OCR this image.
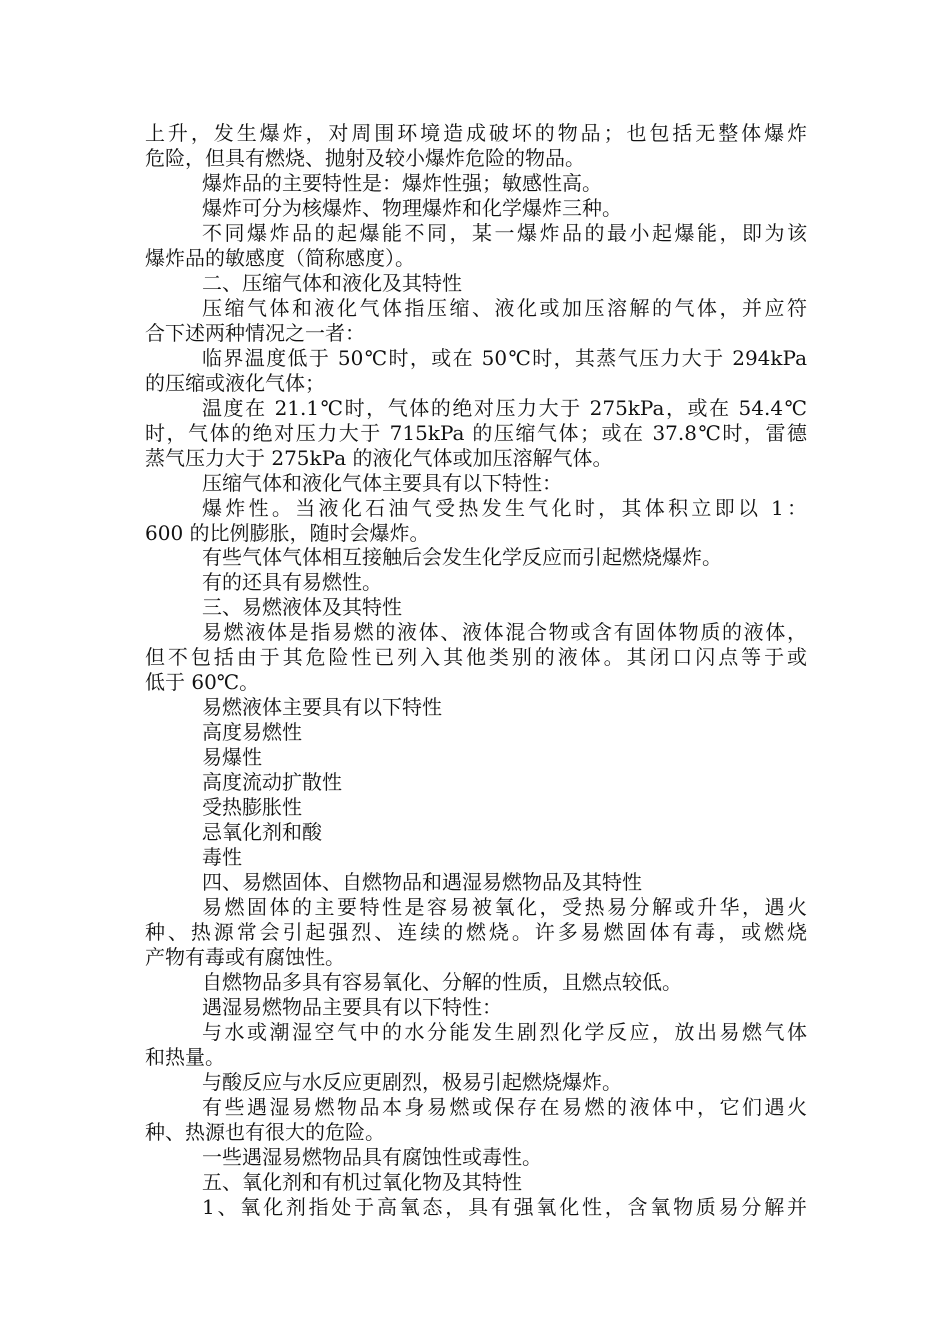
上升，发生爆炸，对周围环境造成破坏的物品；也包括无整体爆炸
危险，但具有燃烧、抛射及较小爆炸危险的物品。
爆炸品的主要特性是：爆炸性强；敏感性高。
爆炸可分为核爆炸、物理爆炸和化学爆炸三种。
不同爆炸品的起爆能不同，某一爆炸品的最小起爆能，即为该
爆炸品的敏感度（简称感度）。
二、压缩气体和液化及其特性
压缩气体和液化气体指压缩、液化或加压溶解的气体，并应符
合下述两种情况之一者：
临界温度低于 50℃时，或在 50℃时，其蒸气压力大于 294kPa
的压缩或液化气体；
温度在 21.1℃时，气体的绝对压力大于 275kPa，或在 54.4℃
时，气体的绝对压力大于 715kPa 的压缩气体；或在 37.8℃时，雷德
蒸气压力大于 275kPa 的液化气体或加压溶解气体。
压缩气体和液化气体主要具有以下特性：
爆炸性。当液化石油气受热发生气化时，其体积立即以 1：
600 的比例膨胀，随时会爆炸。
有些气体气体相互接触后会发生化学反应而引起燃烧爆炸。
有的还具有易燃性。
三、易燃液体及其特性
易燃液体是指易燃的液体、液体混合物或含有固体物质的液体，
但不包括由于其危险性已列入其他类别的液体。其闭口闪点等于或
低于 60℃。
易燃液体主要具有以下特性
高度易燃性
易爆性
高度流动扩散性
受热膨胀性
忌氧化剂和酸
毒性
四、易燃固体、自燃物品和遇湿易燃物品及其特性
易燃固体的主要特性是容易被氧化，受热易分解或升华，遇火
种、热源常会引起强烈、连续的燃烧。许多易燃固体有毒，或燃烧
产物有毒或有腐蚀性。
自燃物品多具有容易氧化、分解的性质，且燃点较低。
遇湿易燃物品主要具有以下特性：
与水或潮湿空气中的水分能发生剧烈化学反应，放出易燃气体
和热量。
与酸反应与水反应更剧烈，极易引起燃烧爆炸。
有些遇湿易燃物品本身易燃或保存在易燃的液体中，它们遇火
种、热源也有很大的危险。
一些遇湿易燃物品具有腐蚀性或毒性。
五、氧化剂和有机过氧化物及其特性
1、氧化剂指处于高氧态，具有强氧化性，含氧物质易分解并
